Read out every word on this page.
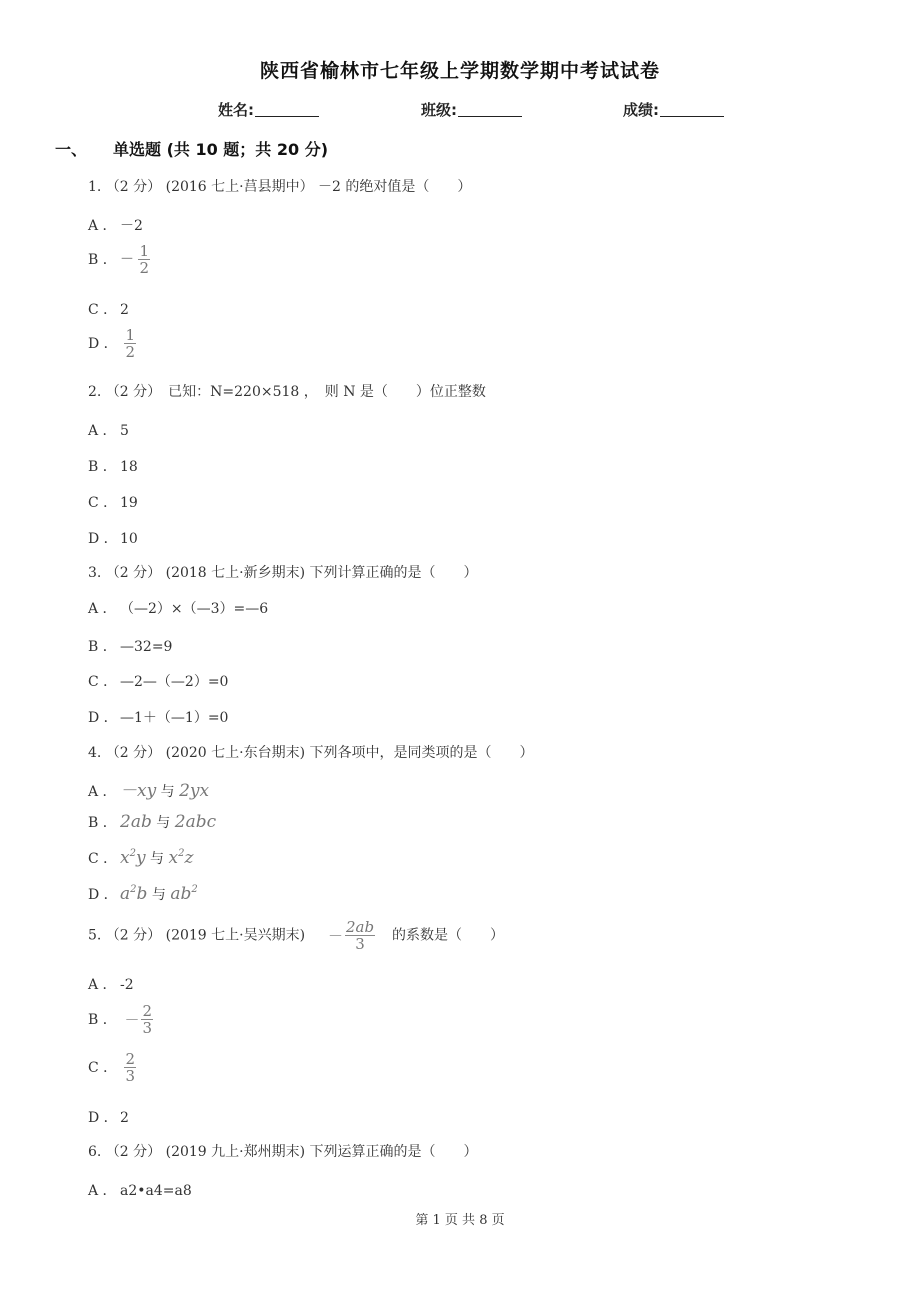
陕西省榆林市七年级上学期数学期中考试试卷
姓名:	班级:	成绩:
一、 单选题 (共 10 题；共 20 分)
1. （2 分） (2016 七上·莒县期中） －2 的绝对值是（　　）
A ． －2
B ． － $\frac{1}{2}$
C ． 2
D ． $\frac{1}{2}$
2. （2 分）　已知：N=220×518 ，　则 N 是（　　）位正整数
A ． 5
B ． 18
C ． 19
D ． 10
3. （2 分） (2018 七上·新乡期末) 下列计算正确的是（　　）
A ． （—2）×（—3）=—6
B ． —32=9
C ． —2—（—2）=0
D ． —1＋（—1）=0
4. （2 分） (2020 七上·东台期末) 下列各项中，是同类项的是（　　）
A ． －xy 与 2yx
B ． 2ab 与 2abc
C ． $x^2y$ 与 $x^2z$
D ． $a^2b$ 与 $ab^2$
5. （2 分） (2019 七上·吴兴期末) － $\frac{2ab}{3}$ 的系数是（　　）
A ． -2
B ． － $\frac{2}{3}$
C ． $\frac{2}{3}$
D ． 2
6. （2 分） (2019 九上·郑州期末) 下列运算正确的是（　　）
A ． a2•a4=a8
第 1 页 共 8 页
